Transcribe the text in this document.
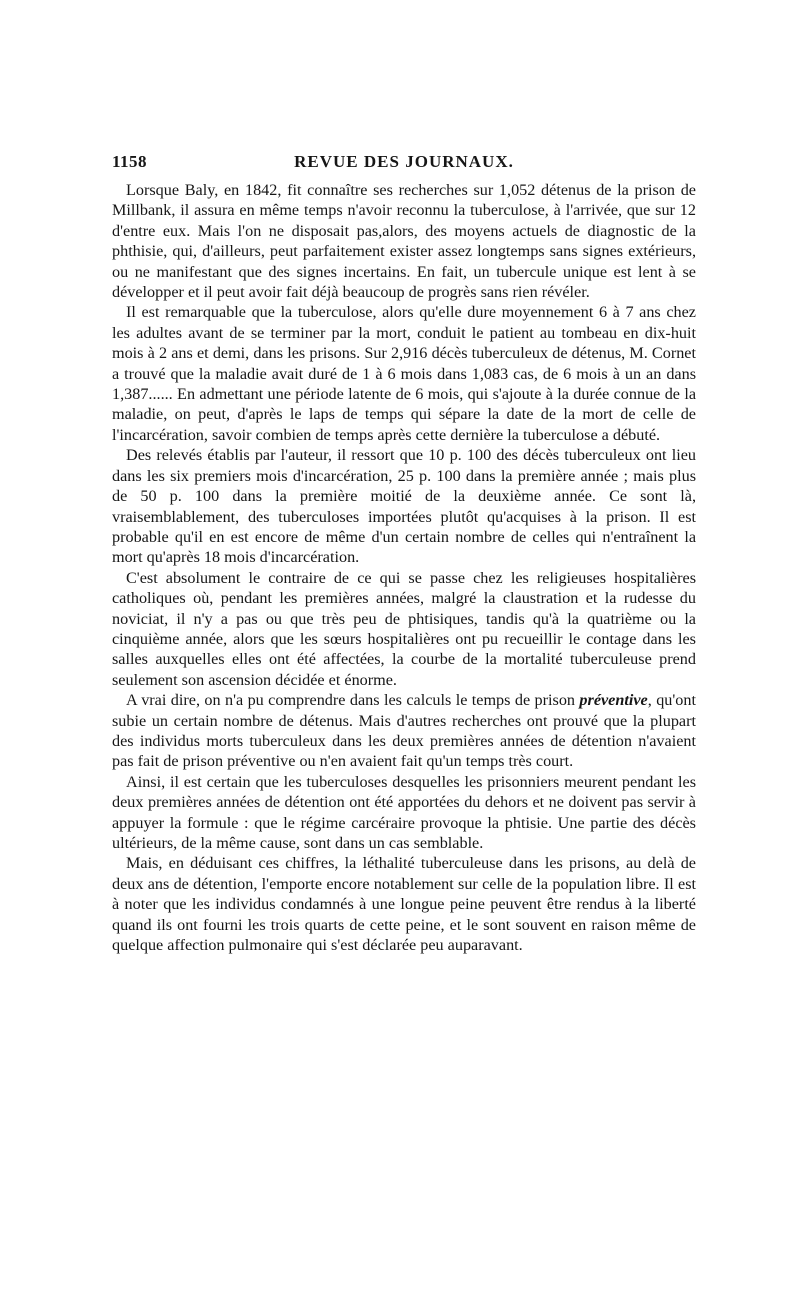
1158	REVUE DES JOURNAUX.

Lorsque Baly, en 1842, fit connaître ses recherches sur 1,052 détenus de la prison de Millbank, il assura en même temps n'avoir reconnu la tuberculose, à l'arrivée, que sur 12 d'entre eux. Mais l'on ne disposait pas,alors, des moyens actuels de diagnostic de la phthisie, qui, d'ailleurs, peut parfaitement exister assez longtemps sans signes extérieurs, ou ne manifestant que des signes incertains. En fait, un tubercule unique est lent à se développer et il peut avoir fait déjà beaucoup de progrès sans rien révéler.

Il est remarquable que la tuberculose, alors qu'elle dure moyennement 6 à 7 ans chez les adultes avant de se terminer par la mort, conduit le patient au tombeau en dix-huit mois à 2 ans et demi, dans les prisons. Sur 2,916 décès tuberculeux de détenus, M. Cornet a trouvé que la maladie avait duré de 1 à 6 mois dans 1,083 cas, de 6 mois à un an dans 1,387...... En admettant une période latente de 6 mois, qui s'ajoute à la durée connue de la maladie, on peut, d'après le laps de temps qui sépare la date de la mort de celle de l'incarcération, savoir combien de temps après cette dernière la tuberculose a débuté.

Des relevés établis par l'auteur, il ressort que 10 p. 100 des décès tuberculeux ont lieu dans les six premiers mois d'incarcération, 25 p. 100 dans la première année ; mais plus de 50 p. 100 dans la première moitié de la deuxième année. Ce sont là, vraisemblablement, des tuberculoses importées plutôt qu'acquises à la prison. Il est probable qu'il en est encore de même d'un certain nombre de celles qui n'entraînent la mort qu'après 18 mois d'incarcération.

C'est absolument le contraire de ce qui se passe chez les religieuses hospitalières catholiques où, pendant les premières années, malgré la claustration et la rudesse du noviciat, il n'y a pas ou que très peu de phtisiques, tandis qu'à la quatrième ou la cinquième année, alors que les sœurs hospitalières ont pu recueillir le contage dans les salles auxquelles elles ont été affectées, la courbe de la mortalité tuberculeuse prend seulement son ascension décidée et énorme.

A vrai dire, on n'a pu comprendre dans les calculs le temps de prison préventive, qu'ont subie un certain nombre de détenus. Mais d'autres recherches ont prouvé que la plupart des individus morts tuberculeux dans les deux premières années de détention n'avaient pas fait de prison préventive ou n'en avaient fait qu'un temps très court.

Ainsi, il est certain que les tuberculoses desquelles les prisonniers meurent pendant les deux premières années de détention ont été apportées du dehors et ne doivent pas servir à appuyer la formule : que le régime carcéraire provoque la phtisie. Une partie des décès ultérieurs, de la même cause, sont dans un cas semblable.

Mais, en déduisant ces chiffres, la léthalité tuberculeuse dans les prisons, au delà de deux ans de détention, l'emporte encore notablement sur celle de la population libre. Il est à noter que les individus condamnés à une longue peine peuvent être rendus à la liberté quand ils ont fourni les trois quarts de cette peine, et le sont souvent en raison même de quelque affection pulmonaire qui s'est déclarée peu auparavant.
